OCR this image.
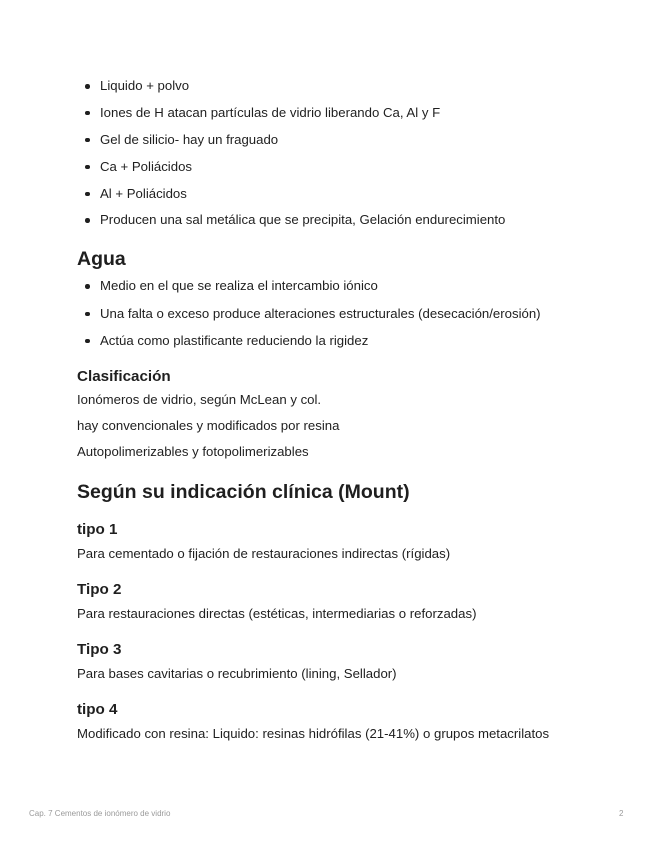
Liquido + polvo
Iones de H atacan partículas de vidrio liberando Ca, Al y F
Gel de silicio- hay un fraguado
Ca + Poliácidos
Al + Poliácidos
Producen una sal metálica que se precipita, Gelación endurecimiento
Agua
Medio en el que se realiza el intercambio iónico
Una falta o exceso produce alteraciones estructurales (desecación/erosión)
Actúa como plastificante reduciendo la rigidez
Clasificación
Ionómeros de vidrio, según McLean y col.
hay convencionales y modificados por resina
Autopolimerizables y fotopolimerizables
Según su indicación clínica (Mount)
tipo 1
Para cementado o fijación de restauraciones indirectas (rígidas)
Tipo 2
Para restauraciones directas (estéticas, intermediarias o reforzadas)
Tipo 3
Para bases cavitarias o recubrimiento (lining, Sellador)
tipo 4
Modificado con resina: Liquido: resinas hidrófilas (21-41%) o grupos metacrilatos
Cap. 7 Cementos de ionómero de vidrio	2
